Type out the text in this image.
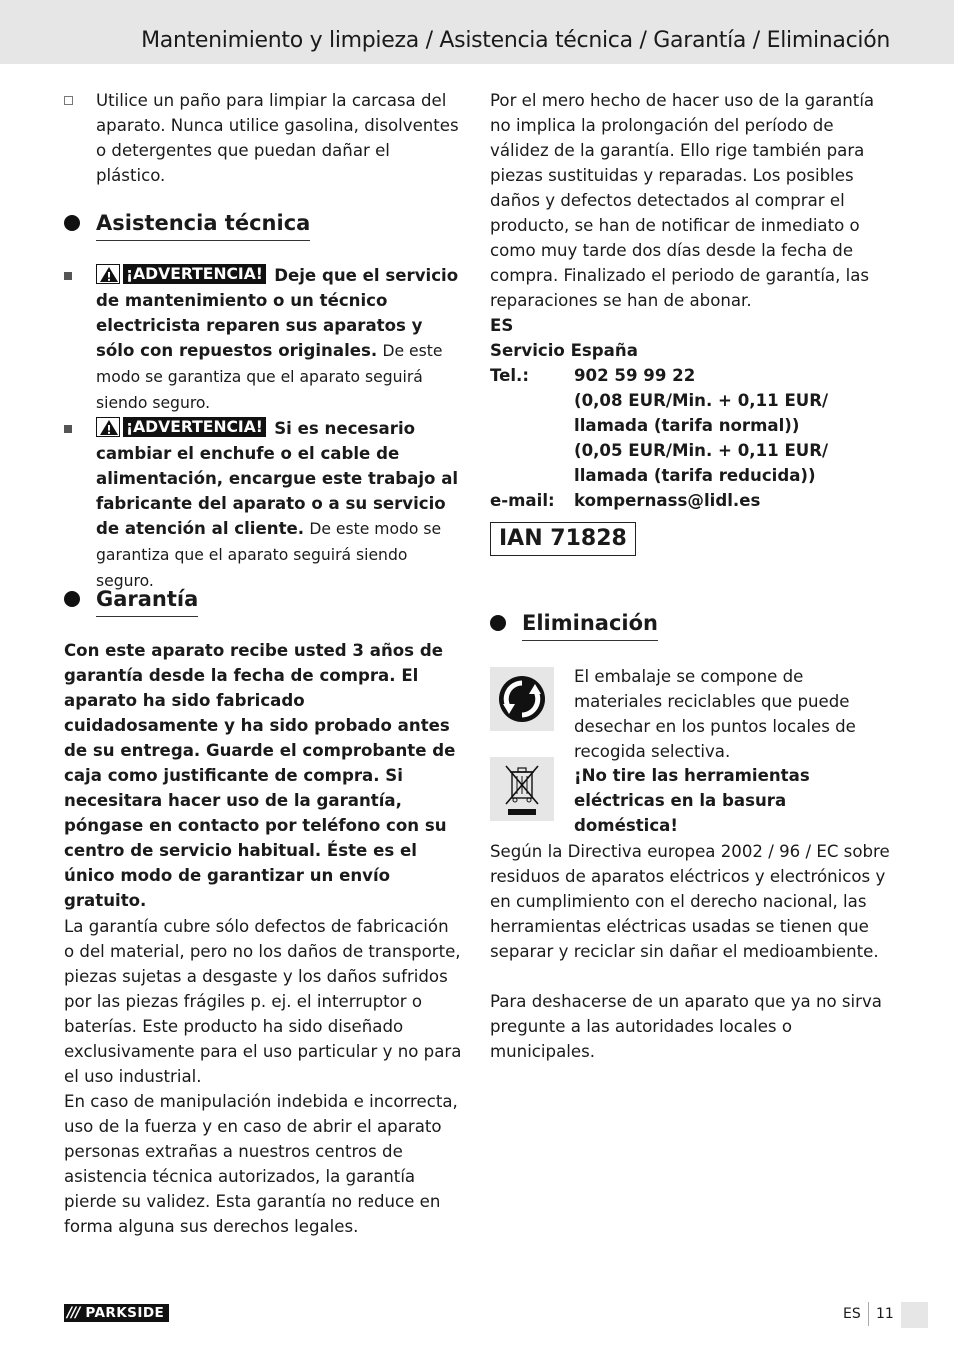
Mantenimiento y limpieza / Asistencia técnica / Garantía / Eliminación
Utilice un paño para limpiar la carcasa del aparato. Nunca utilice gasolina, disolventes o detergentes que puedan dañar el plástico.
Asistencia técnica
¡ADVERTENCIA! Deje que el servicio de mantenimiento o un técnico electricista reparen sus aparatos y sólo con repuestos originales. De este modo se garantiza que el aparato seguirá siendo seguro.
¡ADVERTENCIA! Si es necesario cambiar el enchufe o el cable de alimentación, encargue este trabajo al fabricante del aparato o a su servicio de atención al cliente. De este modo se garantiza que el aparato seguirá siendo seguro.
Garantía

Con este aparato recibe usted 3 años de garantía desde la fecha de compra. El aparato ha sido fabricado cuidadosamente y ha sido probado antes de su entrega. Guarde el comprobante de caja como justificante de compra. Si necesitara hacer uso de la garantía, póngase en contacto por teléfono con su centro de servicio habitual. Éste es el único modo de garantizar un envío gratuito.

La garantía cubre sólo defectos de fabricación o del material, pero no los daños de transporte, piezas sujetas a desgaste y los daños sufridos por las piezas frágiles p. ej. el interruptor o baterías. Este producto ha sido diseñado exclusivamente para el uso particular y no para el uso industrial.

En caso de manipulación indebida e incorrecta, uso de la fuerza y en caso de abrir el aparato personas extrañas a nuestros centros de asistencia técnica autorizados, la garantía pierde su validez. Esta garantía no reduce en forma alguna sus derechos legales.

Por el mero hecho de hacer uso de la garantía no implica la prolongación del período de válidez de la garantía. Ello rige también para piezas sustituidas y reparadas. Los posibles daños y defectos detectados al comprar el producto, se han de notificar de inmediato o como muy tarde dos días desde la fecha de compra. Finalizado el periodo de garantía, las reparaciones se han de abonar.

ES
Servicio España
Tel.:	902 59 99 22
(0,08 EUR/Min. + 0,11 EUR/
llamada (tarifa normal))
(0,05 EUR/Min. + 0,11 EUR/
llamada (tarifa reducida))
e-mail:	kompernass@lidl.es
IAN 71828
Eliminación
El embalaje se compone de materiales reciclables que puede desechar en los puntos locales de recogida selectiva.
¡No tire las herramientas eléctricas en la basura doméstica!

Según la Directiva europea 2002 / 96 / EC sobre residuos de aparatos eléctricos y electrónicos y en cumplimiento con el derecho nacional, las herramientas eléctricas usadas se tienen que separar y reciclar sin dañar el medioambiente.

Para deshacerse de un aparato que ya no sirva pregunte a las autoridades locales o municipales.

/// PARKSIDE	ES 11
